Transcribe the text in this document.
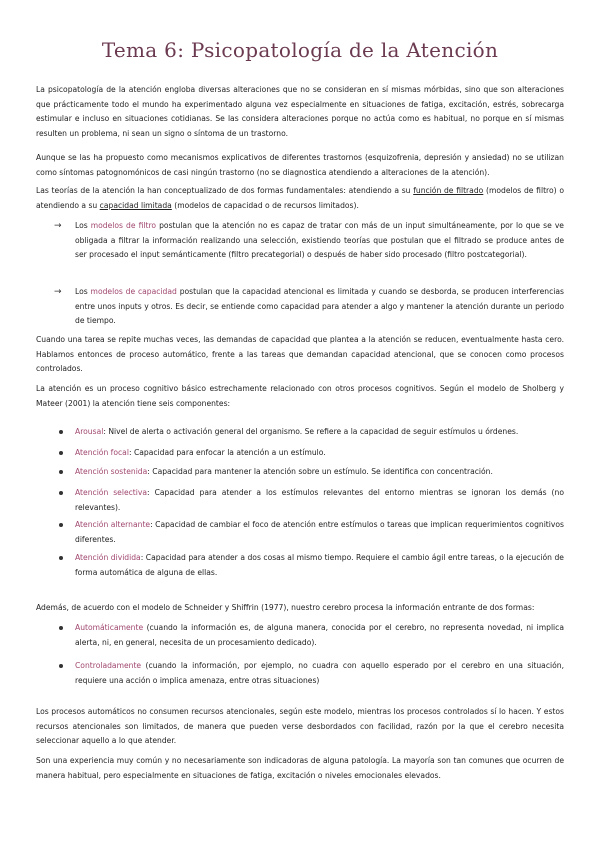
Tema 6: Psicopatología de la Atención

La psicopatología de la atención engloba diversas alteraciones que no se consideran en sí mismas mórbidas, sino que son alteraciones que prácticamente todo el mundo ha experimentado alguna vez especialmente en situaciones de fatiga, excitación, estrés, sobrecarga estimular e incluso en situaciones cotidianas. Se las considera alteraciones porque no actúa como es habitual, no porque en sí mismas resulten un problema, ni sean un signo o síntoma de un trastorno.

Aunque se las ha propuesto como mecanismos explicativos de diferentes trastornos (esquizofrenia, depresión y ansiedad) no se utilizan como síntomas patognomónicos de casi ningún trastorno (no se diagnostica atendiendo a alteraciones de la atención).

Las teorías de la atención la han conceptualizado de dos formas fundamentales: atendiendo a su función de filtrado (modelos de filtro) o atendiendo a su capacidad limitada (modelos de capacidad o de recursos limitados).

→ Los modelos de filtro postulan que la atención no es capaz de tratar con más de un input simultáneamente, por lo que se ve obligada a filtrar la información realizando una selección, existiendo teorías que postulan que el filtrado se produce antes de ser procesado el input semánticamente (filtro precategorial) o después de haber sido procesado (filtro postcategorial).

→ Los modelos de capacidad postulan que la capacidad atencional es limitada y cuando se desborda, se producen interferencias entre unos inputs y otros. Es decir, se entiende como capacidad para atender a algo y mantener la atención durante un periodo de tiempo.

Cuando una tarea se repite muchas veces, las demandas de capacidad que plantea a la atención se reducen, eventualmente hasta cero. Hablamos entonces de proceso automático, frente a las tareas que demandan capacidad atencional, que se conocen como procesos controlados.

La atención es un proceso cognitivo básico estrechamente relacionado con otros procesos cognitivos. Según el modelo de Sholberg y Mateer (2001) la atención tiene seis componentes:

Arousal: Nivel de alerta o activación general del organismo. Se refiere a la capacidad de seguir estímulos u órdenes.

Atención focal: Capacidad para enfocar la atención a un estímulo.

Atención sostenida: Capacidad para mantener la atención sobre un estímulo. Se identifica con concentración.

Atención selectiva: Capacidad para atender a los estímulos relevantes del entorno mientras se ignoran los demás (no relevantes).

Atención alternante: Capacidad de cambiar el foco de atención entre estímulos o tareas que implican requerimientos cognitivos diferentes.

Atención dividida: Capacidad para atender a dos cosas al mismo tiempo. Requiere el cambio ágil entre tareas, o la ejecución de forma automática de alguna de ellas.

Además, de acuerdo con el modelo de Schneider y Shiffrin (1977), nuestro cerebro procesa la información entrante de dos formas:

Automáticamente (cuando la información es, de alguna manera, conocida por el cerebro, no representa novedad, ni implica alerta, ni, en general, necesita de un procesamiento dedicado).

Controladamente (cuando la información, por ejemplo, no cuadra con aquello esperado por el cerebro en una situación, requiere una acción o implica amenaza, entre otras situaciones)

Los procesos automáticos no consumen recursos atencionales, según este modelo, mientras los procesos controlados sí lo hacen. Y estos recursos atencionales son limitados, de manera que pueden verse desbordados con facilidad, razón por la que el cerebro necesita seleccionar aquello a lo que atender.

Son una experiencia muy común y no necesariamente son indicadoras de alguna patología. La mayoría son tan comunes que ocurren de manera habitual, pero especialmente en situaciones de fatiga, excitación o niveles emocionales elevados.
